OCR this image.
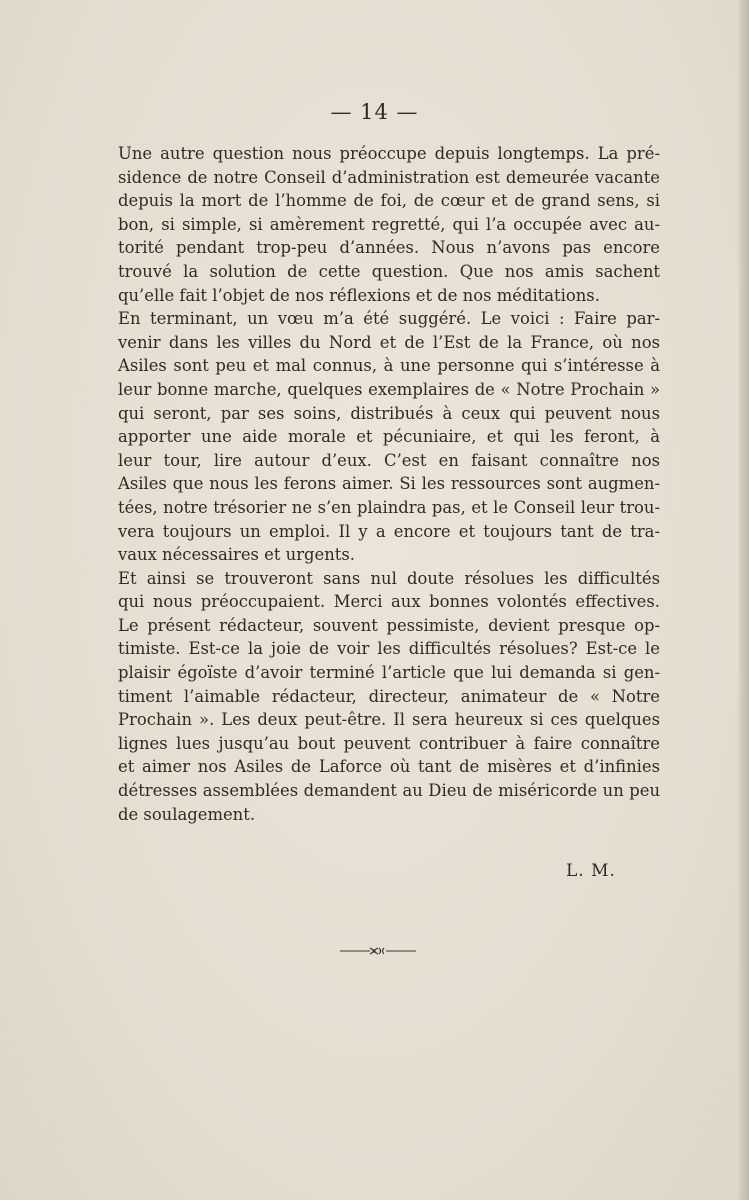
— 14 —
Une autre question nous préoccupe depuis longtemps. La pré-
sidence de notre Conseil d’administration est demeurée vacante
depuis la mort de l’homme de foi, de cœur et de grand sens, si
bon, si simple, si amèrement regretté, qui l’a occupée avec au-
torité pendant trop-peu d’années. Nous n’avons pas encore
trouvé la solution de cette question. Que nos amis sachent
qu’elle fait l’objet de nos réflexions et de nos méditations.
En terminant, un vœu m’a été suggéré. Le voici : Faire par-
venir dans les villes du Nord et de l’Est de la France, où nos
Asiles sont peu et mal connus, à une personne qui s’intéresse à
leur bonne marche, quelques exemplaires de « Notre Prochain »
qui seront, par ses soins, distribués à ceux qui peuvent nous
apporter une aide morale et pécuniaire, et qui les feront, à
leur tour, lire autour d’eux. C’est en faisant connaître nos
Asiles que nous les ferons aimer. Si les ressources sont augmen-
tées, notre trésorier ne s’en plaindra pas, et le Conseil leur trou-
vera toujours un emploi. Il y a encore et toujours tant de tra-
vaux nécessaires et urgents.
Et ainsi se trouveront sans nul doute résolues les difficultés
qui nous préoccupaient. Merci aux bonnes volontés effectives.
Le présent rédacteur, souvent pessimiste, devient presque op-
timiste. Est-ce la joie de voir les difficultés résolues? Est-ce le
plaisir égoïste d’avoir terminé l’article que lui demanda si gen-
timent l’aimable rédacteur, directeur, animateur de « Notre
Prochain ». Les deux peut-être. Il sera heureux si ces quelques
lignes lues jusqu’au bout peuvent contribuer à faire connaître
et aimer nos Asiles de Laforce où tant de misères et d’infinies
détresses assemblées demandent au Dieu de miséricorde un peu
de soulagement.
L. M.
